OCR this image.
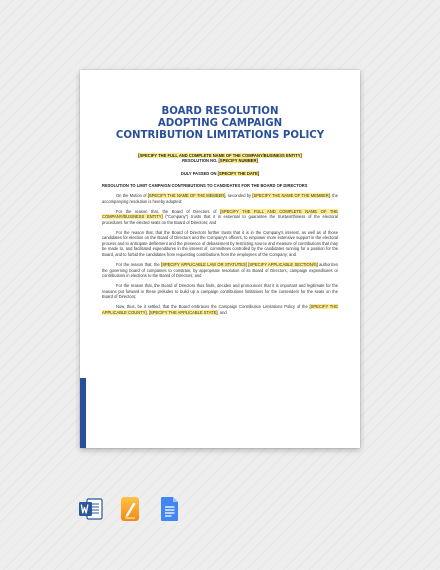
BOARD RESOLUTION
ADOPTING CAMPAIGN
CONTRIBUTION LIMITATIONS POLICY
[SPECIFY THE FULL AND COMPLETE NAME OF THE COMPANY/BUSINESS ENTITY]
RESOLUTION NO. [SPECIFY NUMBER]
DULY PASSED ON [SPECIFY THE DATE]
RESOLUTION TO LIMIT CAMPAIGN CONTRIBUTIONS TO CANDIDATES FOR THE BOARD OF DIRECTORS
On the Motion of [SPECIFY THE NAME OF THE MEMBER], seconded by [SPECIFY THE NAME OF THE MEMBER], the accompanying resolution is hereby adopted:
For the reason that, the Board of Directors of [SPECIFY THE FULL AND COMPLETE NAME OF THE COMPANY/BUSINESS ENTITY] ("Company") trusts that it is essential to guarantee the trustworthiness of the electoral procedures for the elected seats on the Board of Directors; and
For the reason that, that the Board of Directors further trusts that it is in the Company's interest, as well as of those candidates for election on the Board of Directors and the Company's officers, to empower more extensive support in the electoral process and to anticipate defilement and the presence of debasement by restricting source and measure of contributions that may be made to, and facilitated expenditures in the interest of, committees controlled by the candidates running for a position for the Board, and to forbid the candidates from requesting contributions from the employees of the Company; and
For the reason that, the [SPECIFY APPLICABLE LAW OR STATUTES] [SPECIFY APPLICABLE SECTION/S] authorizes the governing board of companies to constrain, by appropriate resolution of its Board of Directors, campaign expenditures or contributions in elections to the Board of Directors; and
For the reason that, the Board of Directors thus finds, decides and pronounces that it is important and legitimate for the reasons put forward in these preludes to build up a campaign contributions limitations for the contenders for the seats on the Board of Directors;
Now, thus, be it settled, that the Board embraces the Campaign Contribution Limitations Policy of the [SPECIFY THE APPLICABLE COUNTY], [SPECIFY THE APPLICABLE STATE], and
